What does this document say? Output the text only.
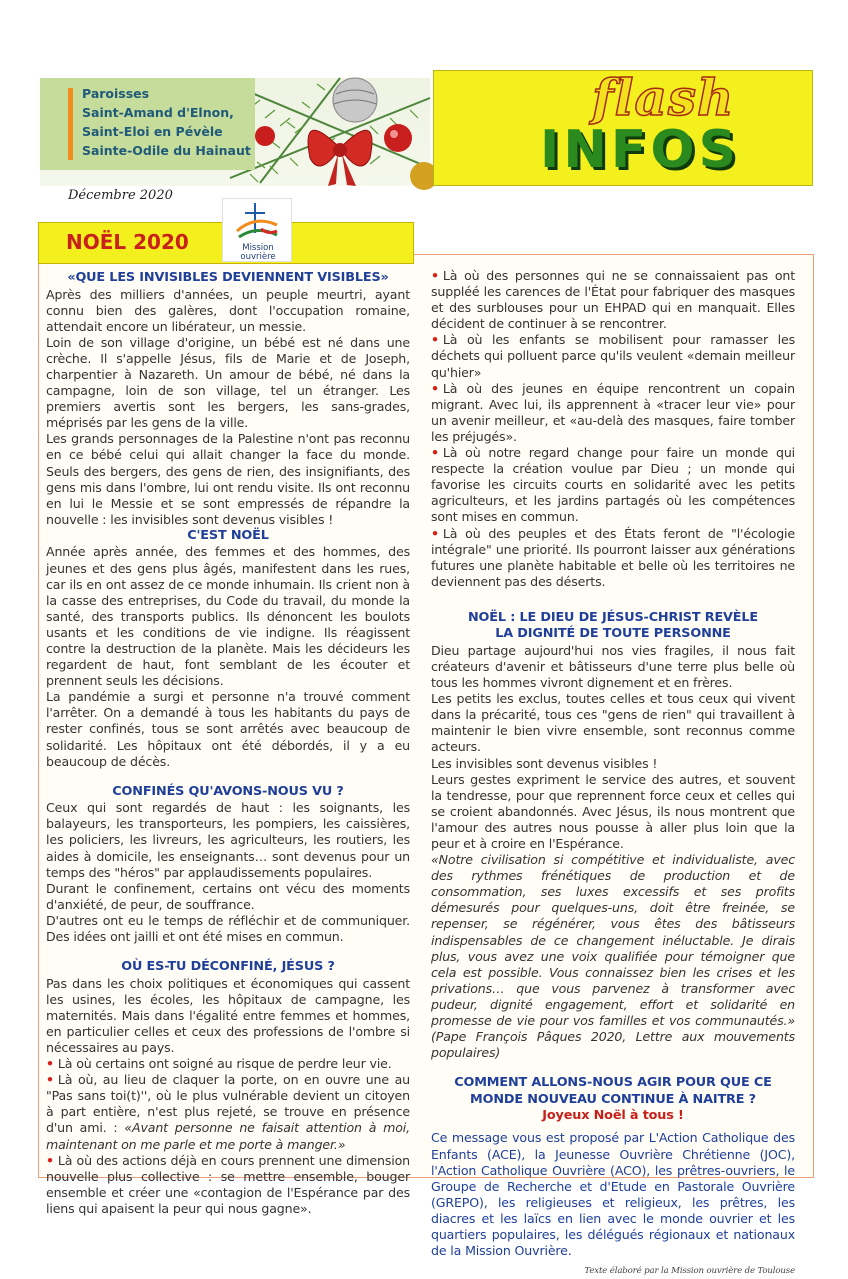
Paroisses
Saint-Amand d'Elnon,
Saint-Eloi en Pévèle
Sainte-Odile du Hainaut
flash
INFOS
Décembre 2020
NOËL 2020	Mission
ouvrière
«QUE LES INVISIBLES DEVIENNENT VISIBLES»

Après des milliers d'années, un peuple meurtri, ayant connu bien des galères, dont l'occupation romaine, attendait encore un libérateur, un messie.

Loin de son village d'origine, un bébé est né dans une crèche. Il s'appelle Jésus, fils de Marie et de Joseph, charpentier à Nazareth. Un amour de bébé, né dans la campagne, loin de son village, tel un étranger. Les premiers avertis sont les bergers, les sans-grades, méprisés par les gens de la ville.

Les grands personnages de la Palestine n'ont pas reconnu en ce bébé celui qui allait changer la face du monde. Seuls des bergers, des gens de rien, des insignifiants, des gens mis dans l'ombre, lui ont rendu visite. Ils ont reconnu en lui le Messie et se sont empressés de répandre la nouvelle : les invisibles sont devenus visibles !

C'EST NOËL

Année après année, des femmes et des hommes, des jeunes et des gens plus âgés, manifestent dans les rues, car ils en ont assez de ce monde inhumain. Ils crient non à la casse des entreprises, du Code du travail, du monde la santé, des transports publics. Ils dénoncent les boulots usants et les conditions de vie indigne. Ils réagissent contre la destruction de la planète. Mais les décideurs les regardent de haut, font semblant de les écouter et prennent seuls les décisions.

La pandémie a surgi et personne n'a trouvé comment l'arrêter. On a demandé à tous les habitants du pays de rester confinés, tous se sont arrêtés avec beaucoup de solidarité. Les hôpitaux ont été débordés, il y a eu beaucoup de décès.

CONFINÉS QU'AVONS-NOUS VU ?

Ceux qui sont regardés de haut : les soignants, les balayeurs, les transporteurs, les pompiers, les caissières, les policiers, les livreurs, les agriculteurs, les routiers, les aides à domicile, les enseignants… sont devenus pour un temps des "héros" par applaudissements populaires.

Durant le confinement, certains ont vécu des moments d'anxiété, de peur, de souffrance.

D'autres ont eu le temps de réfléchir et de communiquer. Des idées ont jailli et ont été mises en commun.

OÙ ES-TU DÉCONFINÉ, JÉSUS ?

Pas dans les choix politiques et économiques qui cassent les usines, les écoles, les hôpitaux de campagne, les maternités. Mais dans l'égalité entre femmes et hommes, en particulier celles et ceux des professions de l'ombre si nécessaires au pays.

• Là où certains ont soigné au risque de perdre leur vie.

• Là où, au lieu de claquer la porte, on en ouvre une au "Pas sans toi(t)'', où le plus vulnérable devient un citoyen à part entière, n'est plus rejeté, se trouve en présence d'un ami. : «Avant personne ne faisait attention à moi, maintenant on me parle et me porte à manger.»

• Là où des actions déjà en cours prennent une dimension nouvelle plus collective : se mettre ensemble, bouger ensemble et créer une «contagion de l'Espérance par des liens qui apaisent la peur qui nous gagne».

• Là où des personnes qui ne se connaissaient pas ont suppléé les carences de l'État pour fabriquer des masques et des surblouses pour un EHPAD qui en manquait. Elles décident de continuer à se rencontrer.

• Là où les enfants se mobilisent pour ramasser les déchets qui polluent parce qu'ils veulent «demain meilleur qu'hier»

• Là où des jeunes en équipe rencontrent un copain migrant. Avec lui, ils apprennent à «tracer leur vie» pour un avenir meilleur, et «au-delà des masques, faire tomber les préjugés».

• Là où notre regard change pour faire un monde qui respecte la création voulue par Dieu ; un monde qui favorise les circuits courts en solidarité avec les petits agriculteurs, et les jardins partagés où les compétences sont mises en commun.

• Là où des peuples et des États feront de "l'écologie intégrale" une priorité. Ils pourront laisser aux générations futures une planète habitable et belle où les territoires ne deviennent pas des déserts.

NOËL : LE DIEU DE JÉSUS-CHRIST REVÈLE
LA DIGNITÉ DE TOUTE PERSONNE

Dieu partage aujourd'hui nos vies fragiles, il nous fait créateurs d'avenir et bâtisseurs d'une terre plus belle où tous les hommes vivront dignement et en frères.

Les petits les exclus, toutes celles et tous ceux qui vivent dans la précarité, tous ces "gens de rien" qui travaillent à maintenir le bien vivre ensemble, sont reconnus comme acteurs.

Les invisibles sont devenus visibles !

Leurs gestes expriment le service des autres, et souvent la tendresse, pour que reprennent force ceux et celles qui se croient abandonnés. Avec Jésus, ils nous montrent que l'amour des autres nous pousse à aller plus loin que la peur et à croire en l'Espérance.

«Notre civilisation si compétitive et individualiste, avec des rythmes frénétiques de production et de consommation, ses luxes excessifs et ses profits démesurés pour quelques-uns, doit être freinée, se repenser, se régénérer, vous êtes des bâtisseurs indispensables de ce changement inéluctable. Je dirais plus, vous avez une voix qualifiée pour témoigner que cela est possible. Vous connaissez bien les crises et les privations… que vous parvenez à transformer avec pudeur, dignité engagement, effort et solidarité en promesse de vie pour vos familles et vos communautés.» (Pape François Pâques 2020, Lettre aux mouvements populaires)

COMMENT ALLONS-NOUS AGIR POUR QUE CE
MONDE NOUVEAU CONTINUE À NAITRE ?
Joyeux Noël à tous !

Ce message vous est proposé par L'Action Catholique des Enfants (ACE), la Jeunesse Ouvrière Chrétienne (JOC), l'Action Catholique Ouvrière (ACO), les prêtres-ouvriers, le Groupe de Recherche et d'Etude en Pastorale Ouvrière (GREPO), les religieuses et religieux, les prêtres, les diacres et les laïcs en lien avec le monde ouvrier et les quartiers populaires, les délégués régionaux et nationaux de la Mission Ouvrière.

Texte élaboré par la Mission ouvrière de Toulouse
